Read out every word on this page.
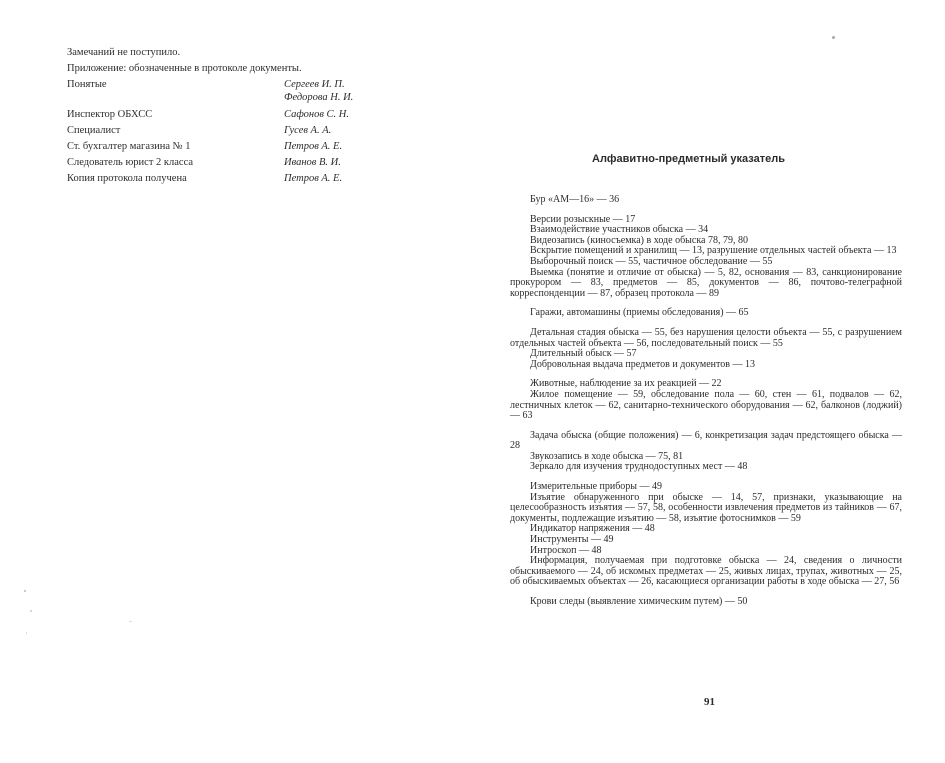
Замечаний не поступило.
Приложение: обозначенные в протоколе документы.
Понятые	Сергеев И. П.
Федорова Н. И.
Инспектор ОБХСС	Сафонов С. Н.
Специалист	Гусев А. А.
Ст. бухгалтер магазина № 1	Петров А. Е.
Следователь юрист 2 класса	Иванов В. И.
Копия протокола получена	Петров А. Е.
Алфавитно-предметный указатель
Бур «АМ—16» — 36
Версии розыскные — 17
Взаимодействие участников обыска — 34
Видеозапись (киносъемка) в ходе обыска 78, 79, 80
Вскрытие помещений и хранилищ — 13, разрушение отдельных частей объекта — 13
Выборочный поиск — 55, частичное обследование — 55
Выемка (понятие и отличие от обыска) — 5, 82, основания — 83, санкционирование прокурором — 83, предметов — 85, документов — 86, почтово-телеграфной корреспонденции — 87, образец протокола — 89
Гаражи, автомашины (приемы обследования) — 65
Детальная стадия обыска — 55, без нарушения целости объекта — 55, с разрушением отдельных частей объекта — 56, последовательный поиск — 55
Длительный обыск — 57
Добровольная выдача предметов и документов — 13
Животные, наблюдение за их реакцией — 22
Жилое помещение — 59, обследование пола — 60, стен — 61, подвалов — 62, лестничных клеток — 62, санитарно-технического оборудования — 62, балконов (лоджий) — 63
Задача обыска (общие положения) — 6, конкретизация задач предстоящего обыска — 28
Звукозапись в ходе обыска — 75, 81
Зеркало для изучения труднодоступных мест — 48
Измерительные приборы — 49
Изъятие обнаруженного при обыске — 14, 57, признаки, указывающие на целесообразность изъятия — 57, 58, особенности извлечения предметов из тайников — 67, документы, подлежащие изъятию — 58, изъятие фотоснимков — 59
Индикатор напряжения — 48
Инструменты — 49
Интроскоп — 48
Информация, получаемая при подготовке обыска — 24, сведения о личности обыскиваемого — 24, об искомых предметах — 25, живых лицах, трупах, животных — 25, об обыскиваемых объектах — 26, касающиеся организации работы в ходе обыска — 27, 56
Крови следы (выявление химическим путем) — 50
91
